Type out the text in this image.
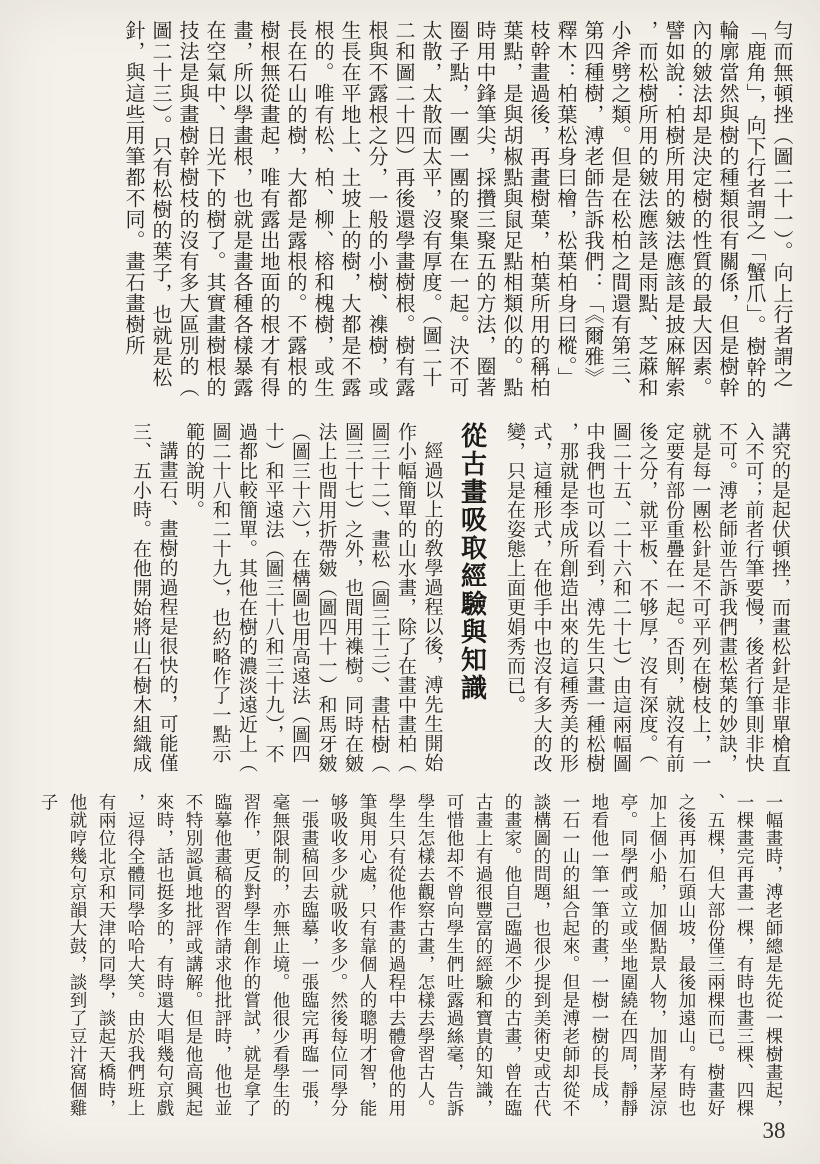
勻而無頓挫（圖二十一）。向上行者謂之「鹿角」，向下行者謂之「蟹爪」。樹幹的輪廓當然與樹的種類很有關係，但是樹幹內的皴法却是決定樹的性質的最大因素。譬如說：柏樹所用的皴法應該是披麻解索，而松樹所用的皴法應該是雨點、芝蔴和小斧劈之類。但是在松柏之間還有第三、第四種樹，溥老師告訴我們：「《爾雅》釋木：柏葉松身曰檜，松葉柏身曰樅。」枝幹畫過後，再畫樹葉，柏葉所用的稱柏葉點，是與胡椒點與鼠足點相類似的。點時用中鋒筆尖，採攢三聚五的方法，圈著圈子點，一團一團的聚集在一起。決不可太散，太散而太平，沒有厚度。（圖二十二和圖二十四）再後還學畫樹根。樹有露根與不露根之分，一般的小樹、襍樹，或生長在平地上、土坡上的樹，大都是不露根的。唯有松、柏、柳、榕和槐樹，或生長在石山的樹，大都是露根的。不露根的樹根無從畫起，唯有露出地面的根才有得畫，所以學畫根，也就是畫各種各樣暴露在空氣中、日光下的樹了。其實畫樹根的技法是與畫樹幹樹枝的沒有多大區別的（圖二十三）。只有松樹的葉子，也就是松針，與這些用筆都不同。畫石畫樹所

講究的是起伏頓挫，而畫松針是非單槍直入不可；前者行筆要慢，後者行筆則非快不可。溥老師並告訴我們畫松葉的妙訣，就是每一團松針是不可平列在樹枝上，一定要有部份重疊在一起。否則，就沒有前後之分，就平板、不够厚，沒有深度。（圖二十五、二十六和二十七）由這兩幅圖中我們也可以看到，溥先生只畫一種松樹，那就是李成所創造出來的這種秀美的形式，這種形式，在他手中也沒有多大的改變，只是在姿態上面更娟秀而已。

從古畫吸取經驗與知識

經過以上的敎學過程以後，溥先生開始作小幅簡單的山水畫，除了在畫中畫柏（圖三十二）、畫松（圖三十三）、畫枯樹（圖三十七）之外，也間用襍樹。同時在皴法上也間用折帶皴（圖四十一）和馬牙皴（圖三十六），在構圖也用高遠法（圖四十）和平遠法（圖三十八和三十九），不過都比較簡單。其他在樹的濃淡遠近上（圖二十八和二十九），也約略作了一點示範的說明。

講畫石、畫樹的過程是很快的，可能僅三、五小時。在他開始將山石樹木組織成

一幅畫時，溥老師總是先從一棵樹畫起，一棵畫完再畫一棵，有時也畫三棵、四棵、五棵，但大部份僅三兩棵而已。樹畫好之後再加石頭山坡，最後加遠山。有時也加上個小船，加個點景人物，加間茅屋涼亭。同學們或立或坐地圍繞在四周，靜靜地看他一筆一筆的畫，一樹一樹的長成，一石一山的組合起來。但是溥老師却從不談構圖的問題，也很少提到美術史或古代的畫家。他自己臨過不少的古畫，曾在臨古畫上有過很豐富的經驗和寶貴的知識，可惜他却不曾向學生們吐露過絲毫，告訴學生怎樣去觀察古畫，怎樣去學習古人。學生只有從他作畫的過程中去體會他的用筆與用心處，只有靠個人的聰明才智，能够吸收多少就吸收多少。然後每位同學分一張畫稿回去臨摹，一張臨完再臨一張，毫無限制的，亦無止境。他很少看學生的習作，更反對學生創作的嘗試，就是拿了臨摹他畫稿的習作請求他批評時，他也並不特別認眞地批評或講解。但是他高興起來時，話也挺多的，有時還大唱幾句京戲，逗得全體同學哈哈大笑。由於我們班上有兩位北京和天津的同學，談起天橋時，他就哼幾句京韻大鼓，談到了豆汁窩個雞子

38
